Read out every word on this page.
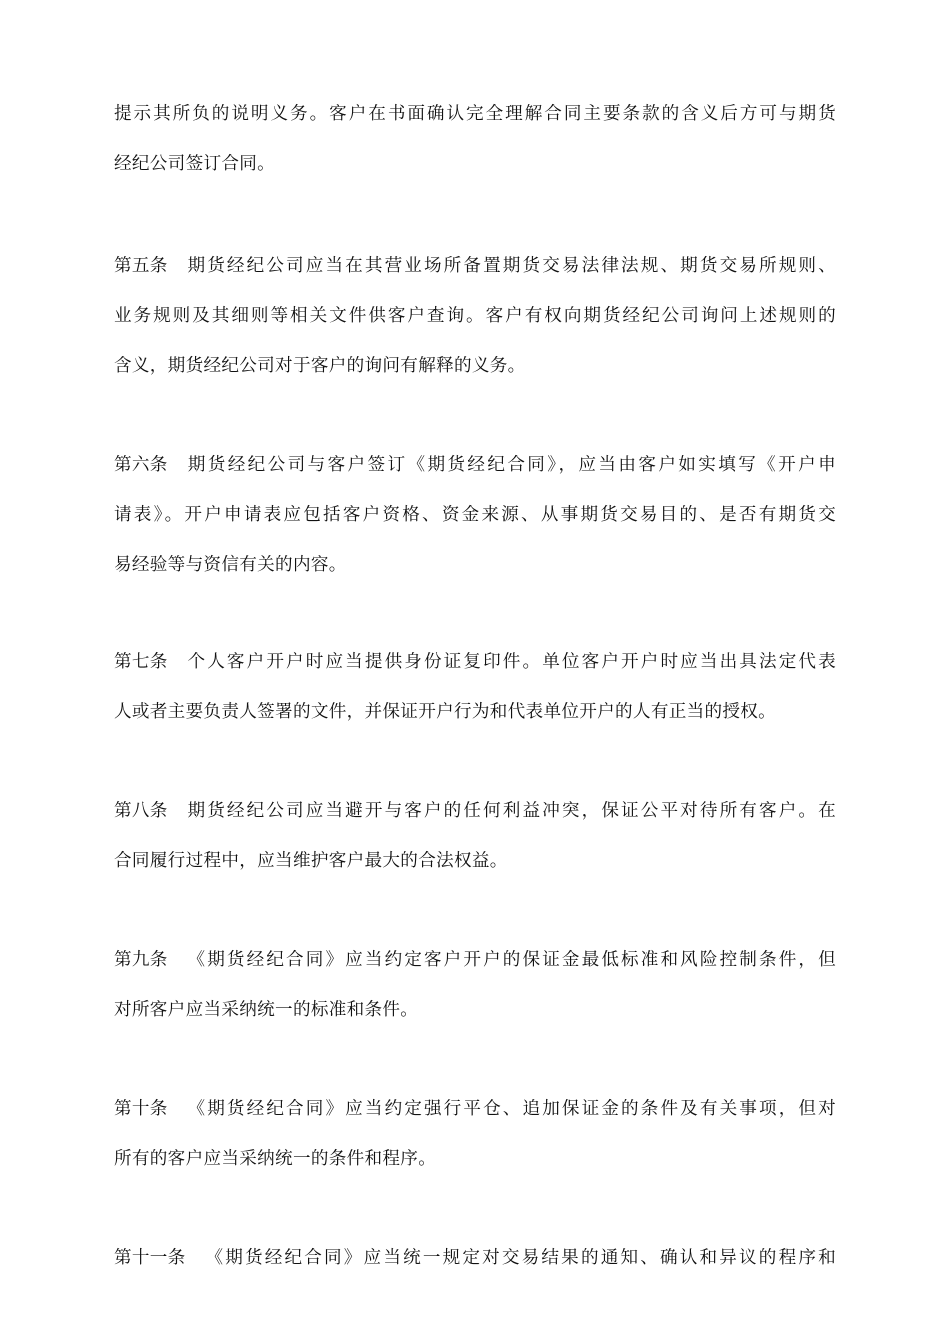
提示其所负的说明义务。客户在书面确认完全理解合同主要条款的含义后方可与期货
经纪公司签订合同。
第五条 期货经纪公司应当在其营业场所备置期货交易法律法规、期货交易所规则、
业务规则及其细则等相关文件供客户查询。客户有权向期货经纪公司询问上述规则的
含义，期货经纪公司对于客户的询问有解释的义务。
第六条 期货经纪公司与客户签订《期货经纪合同》，应当由客户如实填写《开户申
请表》。开户申请表应包括客户资格、资金来源、从事期货交易目的、是否有期货交
易经验等与资信有关的内容。
第七条 个人客户开户时应当提供身份证复印件。单位客户开户时应当出具法定代表
人或者主要负责人签署的文件，并保证开户行为和代表单位开户的人有正当的授权。
第八条 期货经纪公司应当避开与客户的任何利益冲突，保证公平对待所有客户。在
合同履行过程中，应当维护客户最大的合法权益。
第九条 《期货经纪合同》应当约定客户开户的保证金最低标准和风险控制条件，但
对所客户应当采纳统一的标准和条件。
第十条 《期货经纪合同》应当约定强行平仓、追加保证金的条件及有关事项，但对
所有的客户应当采纳统一的条件和程序。
第十一条 《期货经纪合同》应当统一规定对交易结果的通知、确认和异议的程序和
